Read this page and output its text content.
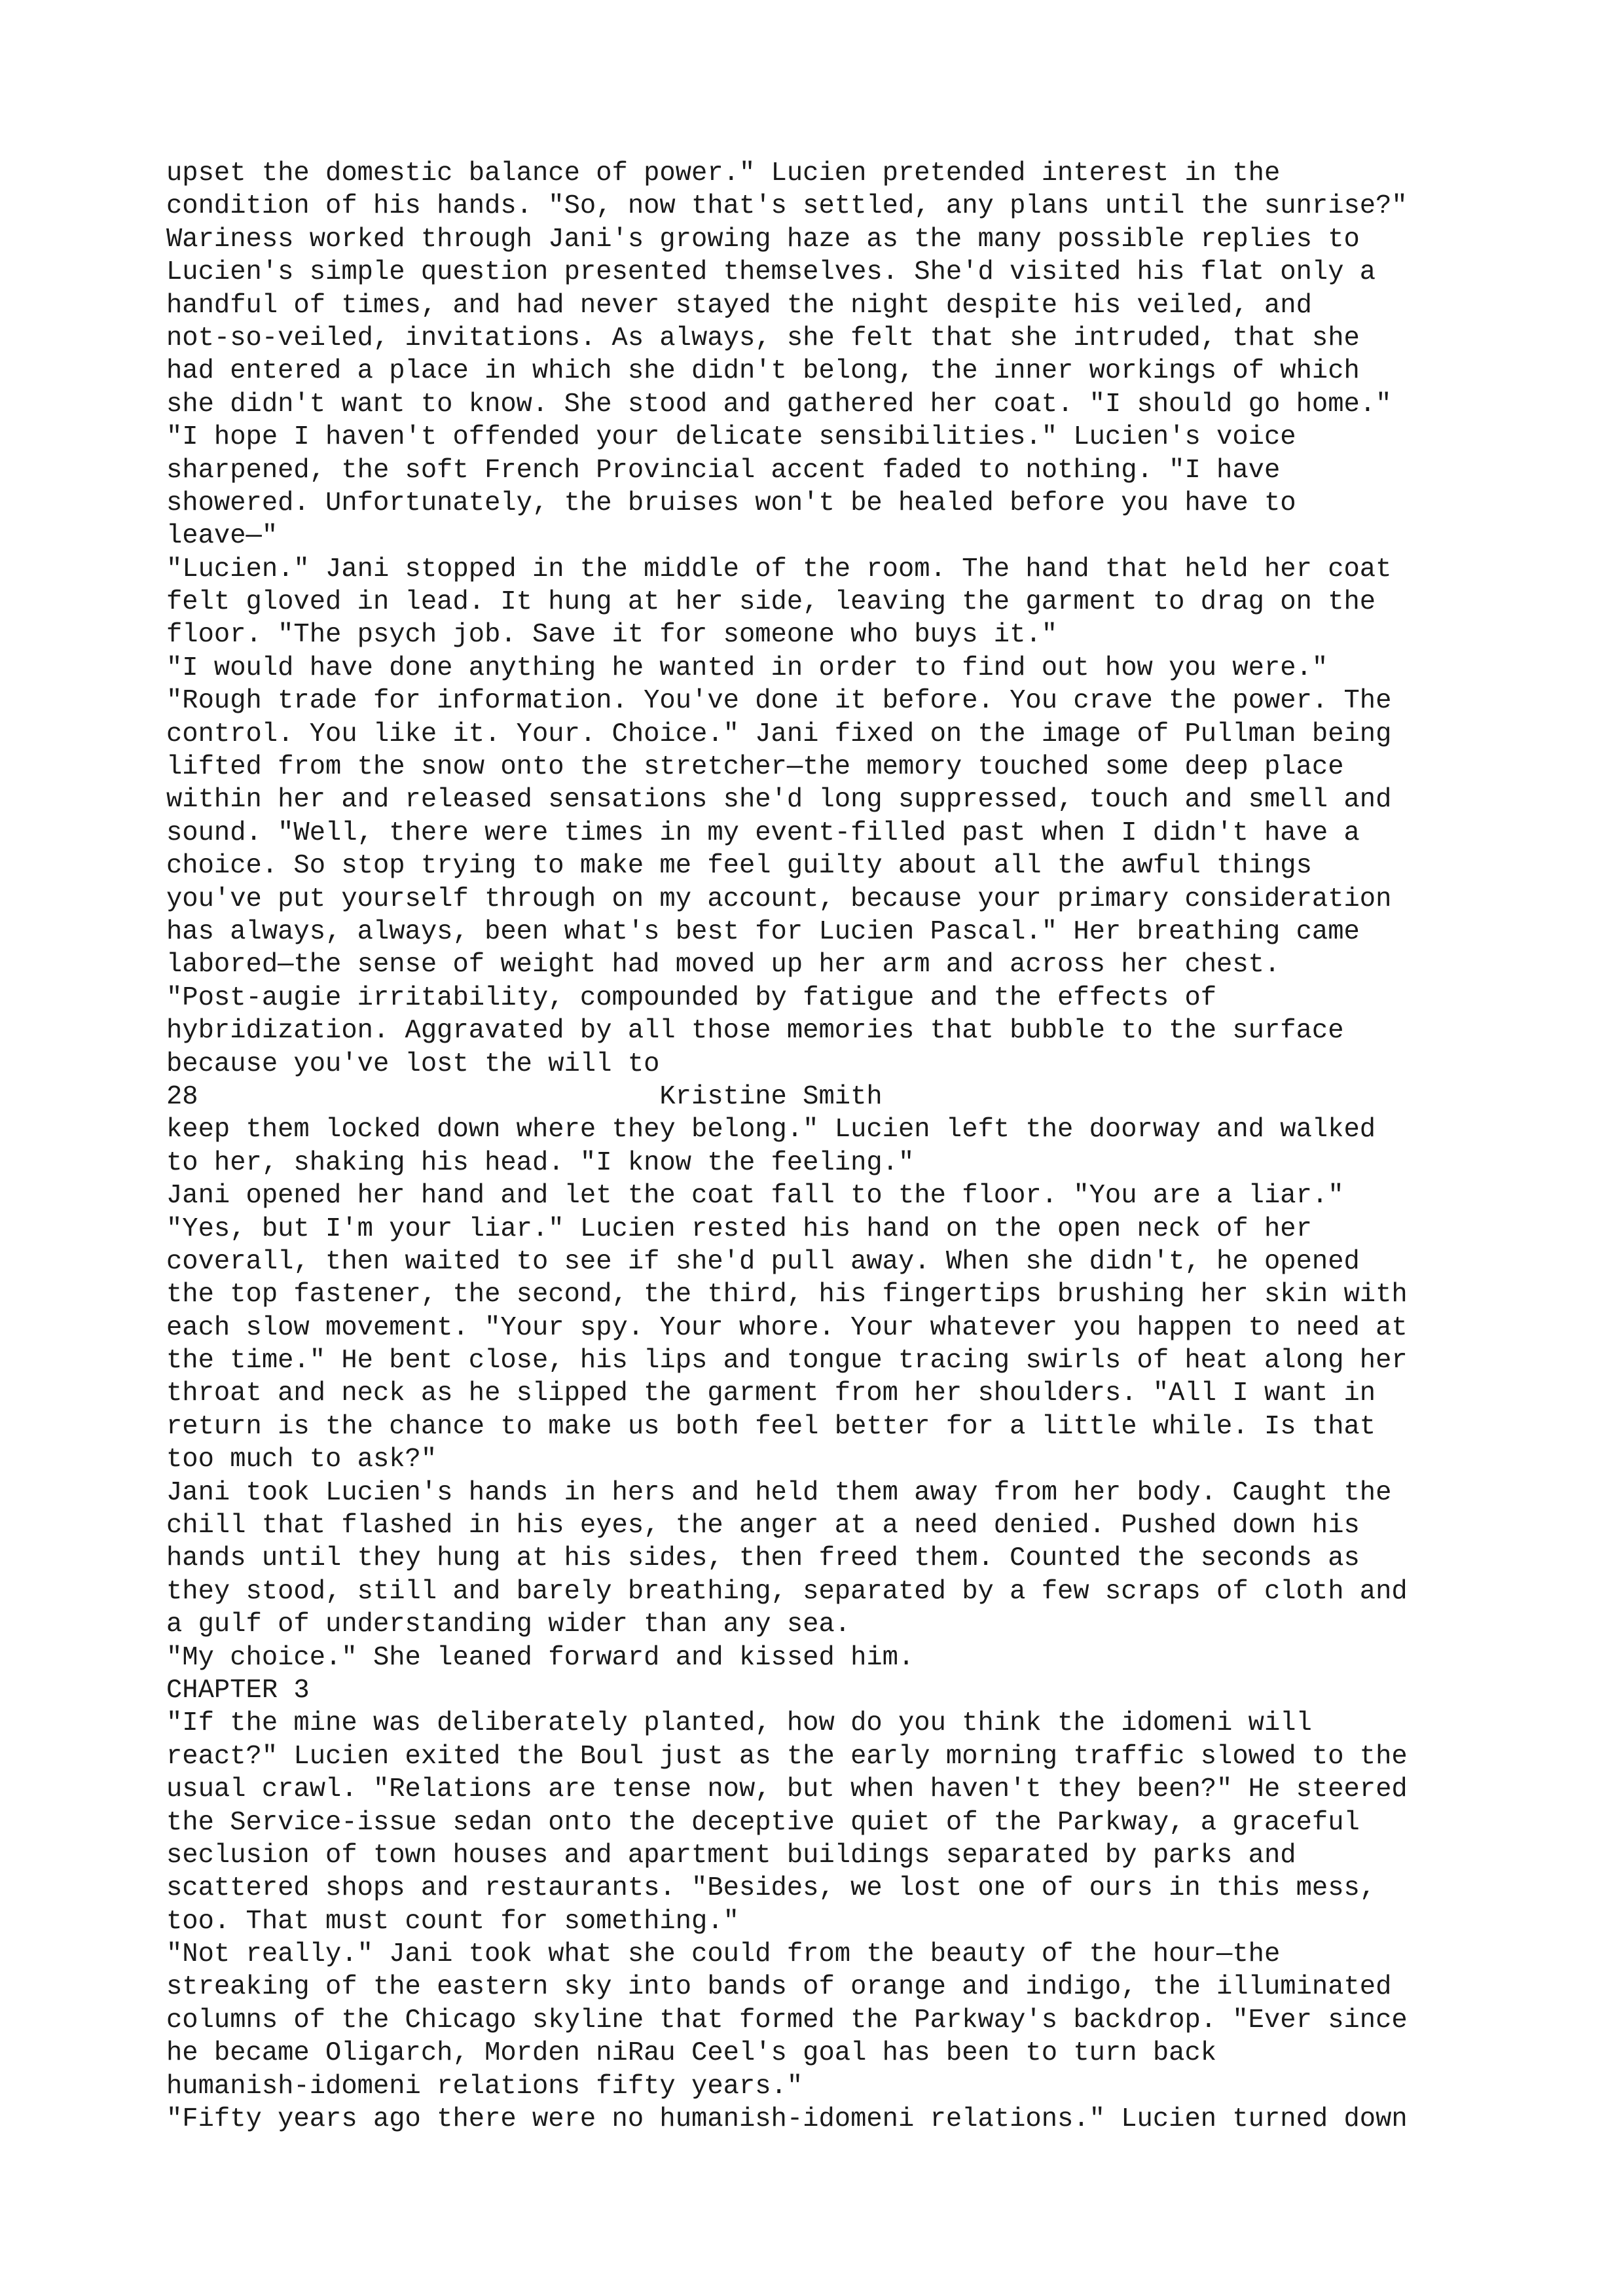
upset the domestic balance of power." Lucien pretended interest in the
condition of his hands. "So, now that's settled, any plans until the sunrise?"
Wariness worked through Jani's growing haze as the many possible replies to
Lucien's simple question presented themselves. She'd visited his flat only a
handful of times, and had never stayed the night despite his veiled, and
not-so-veiled, invitations. As always, she felt that she intruded, that she
had entered a place in which she didn't belong, the inner workings of which
she didn't want to know. She stood and gathered her coat. "I should go home."
"I hope I haven't offended your delicate sensibilities." Lucien's voice
sharpened, the soft French Provincial accent faded to nothing. "I have
showered. Unfortunately, the bruises won't be healed before you have to
leave—"
"Lucien." Jani stopped in the middle of the room. The hand that held her coat
felt gloved in lead. It hung at her side, leaving the garment to drag on the
floor. "The psych job. Save it for someone who buys it."
"I would have done anything he wanted in order to find out how you were."
"Rough trade for information. You've done it before. You crave the power. The
control. You like it. Your. Choice." Jani fixed on the image of Pullman being
lifted from the snow onto the stretcher—the memory touched some deep place
within her and released sensations she'd long suppressed, touch and smell and
sound. "Well, there were times in my event-filled past when I didn't have a
choice. So stop trying to make me feel guilty about all the awful things
you've put yourself through on my account, because your primary consideration
has always, always, been what's best for Lucien Pascal." Her breathing came
labored—the sense of weight had moved up her arm and across her chest.
"Post-augie irritability, compounded by fatigue and the effects of
hybridization. Aggravated by all those memories that bubble to the surface
because you've lost the will to
28                             Kristine Smith
keep them locked down where they belong." Lucien left the doorway and walked
to her, shaking his head. "I know the feeling."
Jani opened her hand and let the coat fall to the floor. "You are a liar."
"Yes, but I'm your liar." Lucien rested his hand on the open neck of her
coverall, then waited to see if she'd pull away. When she didn't, he opened
the top fastener, the second, the third, his fingertips brushing her skin with
each slow movement. "Your spy. Your whore. Your whatever you happen to need at
the time." He bent close, his lips and tongue tracing swirls of heat along her
throat and neck as he slipped the garment from her shoulders. "All I want in
return is the chance to make us both feel better for a little while. Is that
too much to ask?"
Jani took Lucien's hands in hers and held them away from her body. Caught the
chill that flashed in his eyes, the anger at a need denied. Pushed down his
hands until they hung at his sides, then freed them. Counted the seconds as
they stood, still and barely breathing, separated by a few scraps of cloth and
a gulf of understanding wider than any sea.
"My choice." She leaned forward and kissed him.
CHAPTER 3
"If the mine was deliberately planted, how do you think the idomeni will
react?" Lucien exited the Boul just as the early morning traffic slowed to the
usual crawl. "Relations are tense now, but when haven't they been?" He steered
the Service-issue sedan onto the deceptive quiet of the Parkway, a graceful
seclusion of town houses and apartment buildings separated by parks and
scattered shops and restaurants. "Besides, we lost one of ours in this mess,
too. That must count for something."
"Not really." Jani took what she could from the beauty of the hour—the
streaking of the eastern sky into bands of orange and indigo, the illuminated
columns of the Chicago skyline that formed the Parkway's backdrop. "Ever since
he became Oligarch, Morden niRau Ceel's goal has been to turn back
humanish-idomeni relations fifty years."
"Fifty years ago there were no humanish-idomeni relations." Lucien turned down
